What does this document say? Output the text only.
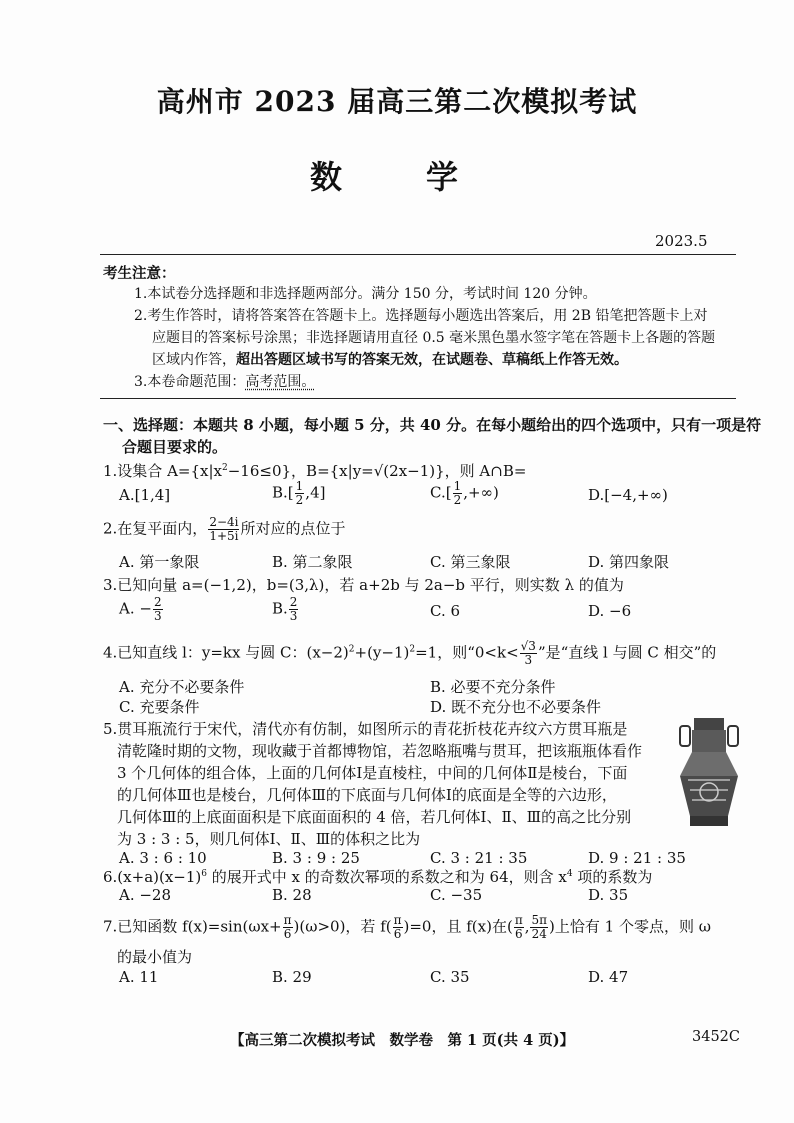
高州市 2023 届高三第二次模拟考试
数　学
2023.5
考生注意：
1.本试卷分选择题和非选择题两部分。满分 150 分，考试时间 120 分钟。
2.考生作答时，请将答案答在答题卡上。选择题每小题选出答案后，用 2B 铅笔把答题卡上对
应题目的答案标号涂黑；非选择题请用直径 0.5 毫米黑色墨水签字笔在答题卡上各题的答题
区域内作答，超出答题区域书写的答案无效，在试题卷、草稿纸上作答无效。
3.本卷命题范围：高考范围。
一、选择题：本题共 8 小题，每小题 5 分，共 40 分。在每小题给出的四个选项中，只有一项是符
合题目要求的。
1.设集合 $A=\{x|x^2-16\le 0\}$，B={x|y=√(2x−1)}，则 A∩B=
A.[1,4]	$B.[ \frac{1}{2} ,4]$	$C.[ \frac{1}{2}$ ,+∞)	D.[−4,+∞)
2.在复平面内， $\frac{2-4i}{1+5i}$ 所对应的点位于
A. 第一象限	B. 第二象限	C. 第三象限	D. 第四象限
3.已知向量 a=(−1,2)，b=(3,λ)，若 a+2b 与 2a−b 平行，则实数 λ 的值为
A. − $\frac{2}{3}$	B. $\frac{2}{3}$	C. 6	D. −6
4.已知直线 l：y=kx 与圆 C：$(x-2)^2+(y-1)^2=1$，则“$0<k< \frac{√3}{3}$ ”是“直线 l 与圆 C 相交”的
A. 充分不必要条件	B. 必要不充分条件
C. 充要条件	D. 既不充分也不必要条件
5.贯耳瓶流行于宋代，清代亦有仿制，如图所示的青花折枝花卉纹六方贯耳瓶是
清乾隆时期的文物，现收藏于首都博物馆，若忽略瓶嘴与贯耳，把该瓶瓶体看作
3 个几何体的组合体，上面的几何体Ⅰ是直棱柱，中间的几何体Ⅱ是棱台，下面
的几何体Ⅲ也是棱台，几何体Ⅲ的下底面与几何体Ⅰ的底面是全等的六边形，
几何体Ⅲ的上底面面积是下底面面积的 4 倍，若几何体Ⅰ、Ⅱ、Ⅲ的高之比分别
为 3 : 3 : 5，则几何体Ⅰ、Ⅱ、Ⅲ的体积之比为
A. 3 : 6 : 10	B. 3 : 9 : 25	C. 3 : 21 : 35	D. 9 : 21 : 35
$6.(x+a)(x-1)^6$ 的展开式中 x 的奇数次幂项的系数之和为 64，则含 $x^4$ 项的系数为
A. −28	B. 28	C. −35	D. 35
7.已知函数 $f(x)=\sin(\omega x+ \frac{\pi}{6} )(\omega>0)$，若 $f( \frac{\pi}{6} )=0$，且 f(x)在( $\frac{\pi}{6}$ , $\frac{5\pi}{24}$ )上恰有 1 个零点，则 ω
的最小值为
A. 11	B. 29	C. 35	D. 47
【高三第二次模拟考试　数学卷　第 1 页(共 4 页)】	3452C
